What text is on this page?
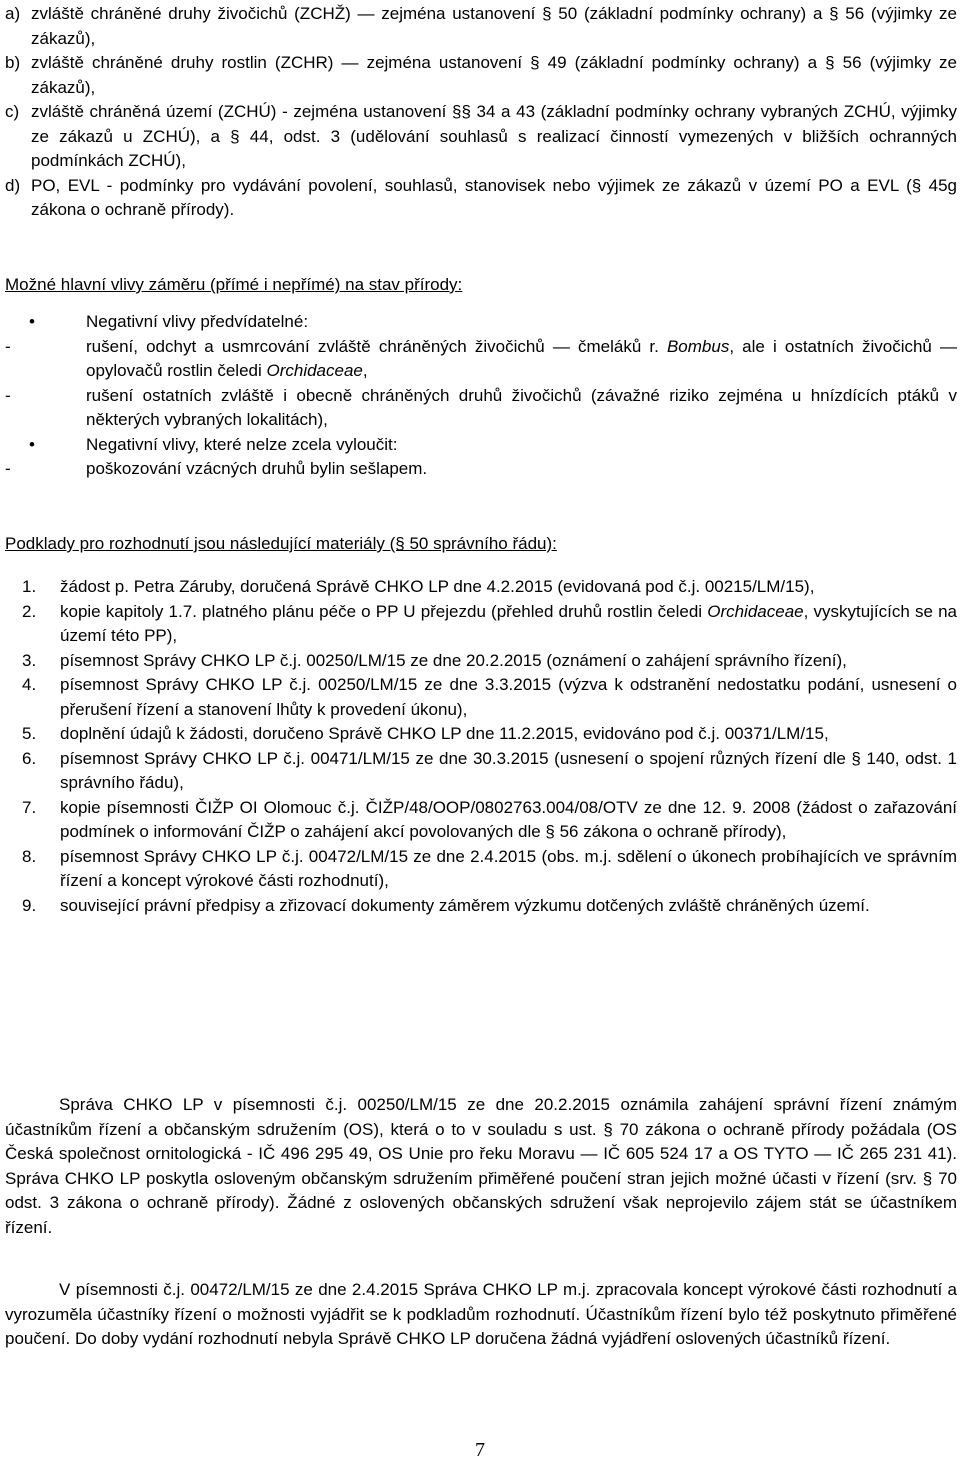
a) zvláště chráněné druhy živočichů (ZCHŽ) — zejména ustanovení § 50 (základní podmínky ochrany) a § 56 (výjimky ze zákazů),
b) zvláště chráněné druhy rostlin (ZCHR) — zejména ustanovení § 49 (základní podmínky ochrany) a § 56 (výjimky ze zákazů),
c) zvláště chráněná území (ZCHÚ) - zejména ustanovení §§ 34 a 43 (základní podmínky ochrany vybraných ZCHÚ, výjimky ze zákazů u ZCHÚ), a § 44, odst. 3 (udělování souhlasů s realizací činností vymezených v bližších ochranných podmínkách ZCHÚ),
d) PO, EVL - podmínky pro vydávání povolení, souhlasů, stanovisek nebo výjimek ze zákazů v území PO a EVL (§ 45g zákona o ochraně přírody).
Možné hlavní vlivy záměru (přímé i nepřímé) na stav přírody:
•	Negativní vlivy předvídatelné:
-	rušení, odchyt a usmrcování zvláště chráněných živočichů — čmeláků r. Bombus, ale i ostatních živočichů — opylovačů rostlin čeledi Orchidaceae,
-	rušení ostatních zvláště i obecně chráněných druhů živočichů (závažné riziko zejména u hnízdících ptáků v některých vybraných lokalitách),
•	Negativní vlivy, které nelze zcela vyloučit:
-	poškozování vzácných druhů bylin sešlapem.
Podklady pro rozhodnutí jsou následující materiály (§ 50 správního řádu):
1. žádost p. Petra Záruby, doručená Správě CHKO LP dne 4.2.2015 (evidovaná pod č.j. 00215/LM/15),
2. kopie kapitoly 1.7. platného plánu péče o PP U přejezdu (přehled druhů rostlin čeledi Orchidaceae, vyskytujících se na území této PP),
3. písemnost Správy CHKO LP č.j. 00250/LM/15 ze dne 20.2.2015 (oznámení o zahájení správního řízení),
4. písemnost Správy CHKO LP č.j. 00250/LM/15 ze dne 3.3.2015 (výzva k odstranění nedostatku podání, usnesení o přerušení řízení a stanovení lhůty k provedení úkonu),
5. doplnění údajů k žádosti, doručeno Správě CHKO LP dne 11.2.2015, evidováno pod č.j. 00371/LM/15,
6. písemnost Správy CHKO LP č.j. 00471/LM/15 ze dne 30.3.2015 (usnesení o spojení různých řízení dle § 140, odst. 1 správního řádu),
7. kopie písemnosti ČIŽP OI Olomouc č.j. ČIŽP/48/OOP/0802763.004/08/OTV ze dne 12. 9. 2008 (žádost o zařazování podmínek o informování ČIŽP o zahájení akcí povolovaných dle § 56 zákona o ochraně přírody),
8. písemnost Správy CHKO LP č.j. 00472/LM/15 ze dne 2.4.2015 (obs. m.j. sdělení o úkonech probíhajících ve správním řízení a koncept výrokové části rozhodnutí),
9. související právní předpisy a zřizovací dokumenty záměrem výzkumu dotčených zvláště chráněných území.
Správa CHKO LP v písemnosti č.j. 00250/LM/15 ze dne 20.2.2015 oznámila zahájení správní řízení známým účastníkům řízení a občanským sdružením (OS), která o to v souladu s ust. § 70 zákona o ochraně přírody požádala (OS Česká společnost ornitologická - IČ 496 295 49, OS Unie pro řeku Moravu — IČ 605 524 17 a OS TYTO — IČ 265 231 41). Správa CHKO LP poskytla osloveným občanským sdružením přiměřené poučení stran jejich možné účasti v řízení (srv. § 70 odst. 3 zákona o ochraně přírody). Žádné z oslovených občanských sdružení však neprojevilo zájem stát se účastníkem řízení.
V písemnosti č.j. 00472/LM/15 ze dne 2.4.2015 Správa CHKO LP m.j. zpracovala koncept výrokové části rozhodnutí a vyrozuměla účastníky řízení o možnosti vyjádřit se k podkladům rozhodnutí. Účastníkům řízení bylo též poskytnuto přiměřené poučení. Do doby vydání rozhodnutí nebyla Správě CHKO LP doručena žádná vyjádření oslovených účastníků řízení.
7
